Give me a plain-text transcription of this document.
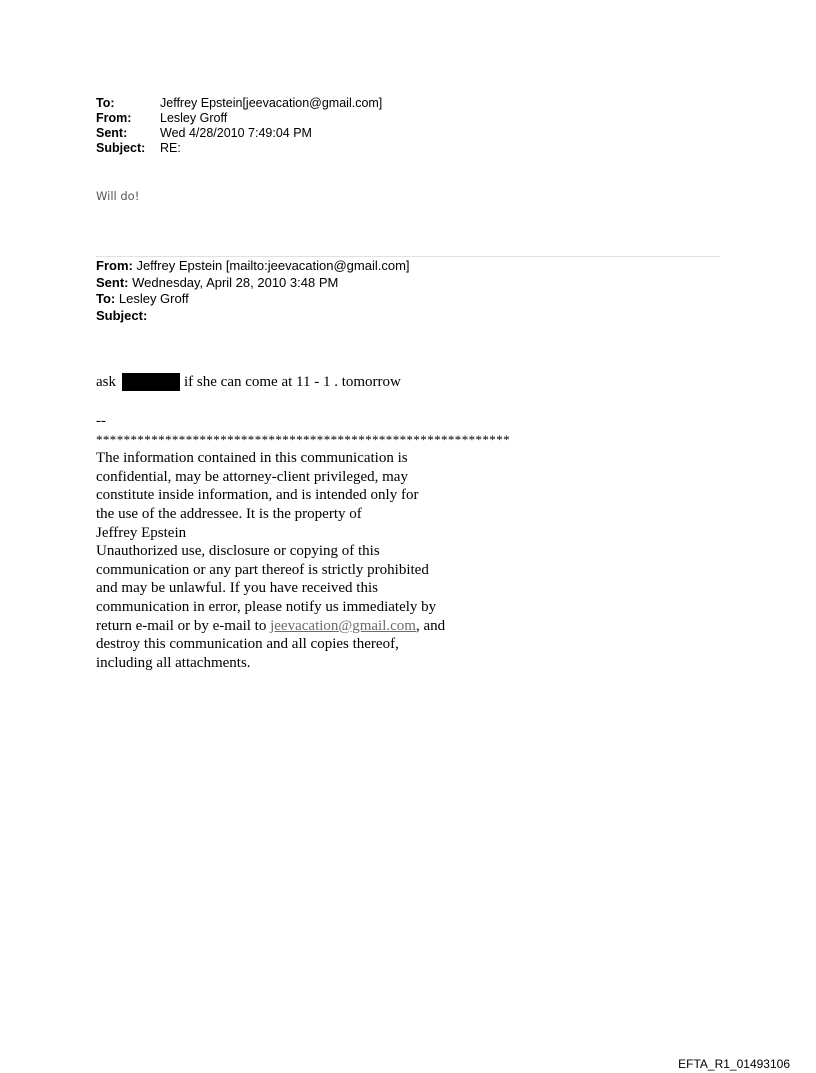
To:	Jeffrey Epstein[jeevacation@gmail.com]
From:	Lesley Groff
Sent:	Wed 4/28/2010 7:49:04 PM
Subject:	RE:
Will do!
From: Jeffrey Epstein [mailto:jeevacation@gmail.com]
Sent: Wednesday, April 28, 2010 3:48 PM
To: Lesley Groff
Subject:
ask	if she can come at 11 - 1 . tomorrow
--
************************************************************
The information contained in this communication is
confidential, may be attorney-client privileged, may
constitute inside information, and is intended only for
the use of the addressee. It is the property of
Jeffrey Epstein
Unauthorized use, disclosure or copying of this
communication or any part thereof is strictly prohibited
and may be unlawful. If you have received this
communication in error, please notify us immediately by
return e-mail or by e-mail to jeevacation@gmail.com, and
destroy this communication and all copies thereof,
including all attachments.
EFTA_R1_01493106
